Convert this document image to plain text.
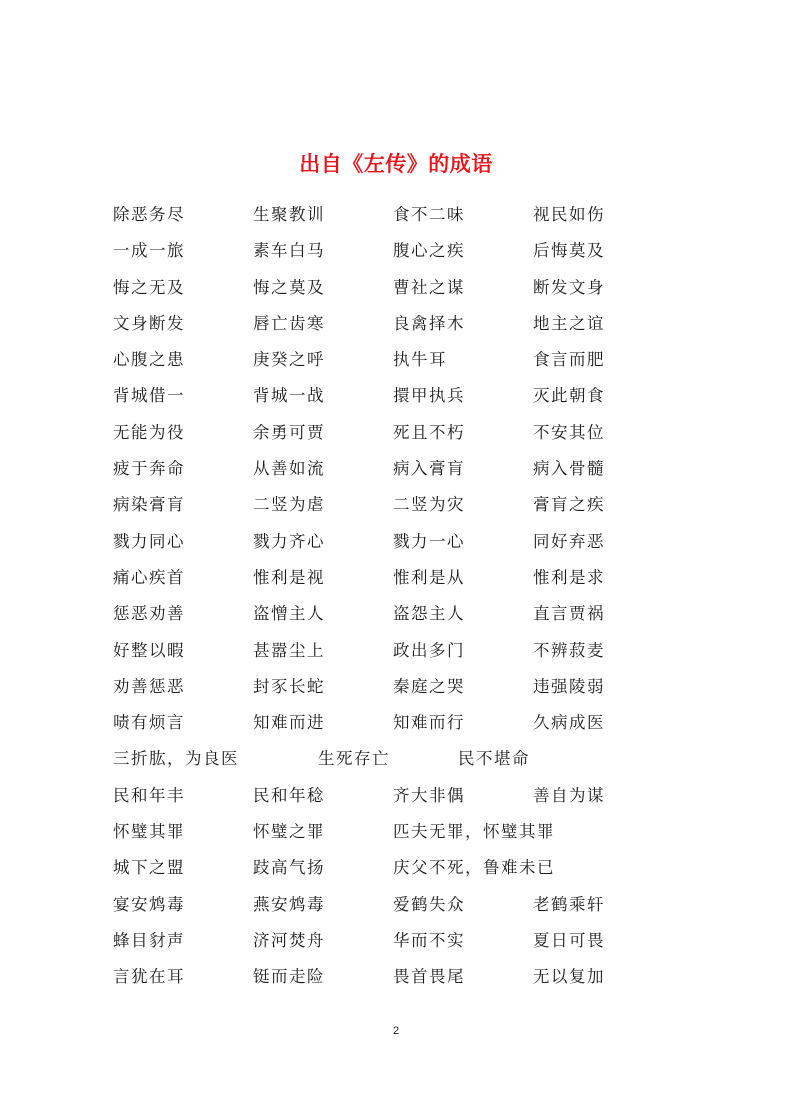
出自《左传》的成语
除恶务尽	生聚教训	食不二味	视民如伤
一成一旅	素车白马	腹心之疾	后悔莫及
悔之无及	悔之莫及	曹社之谋	断发文身
文身断发	唇亡齿寒	良禽择木	地主之谊
心腹之患	庚癸之呼	执牛耳	食言而肥
背城借一	背城一战	擐甲执兵	灭此朝食
无能为役	余勇可贾	死且不朽	不安其位
疲于奔命	从善如流	病入膏肓	病入骨髓
病染膏肓	二竖为虐	二竖为灾	膏肓之疾
戮力同心	戮力齐心	戮力一心	同好弃恶
痛心疾首	惟利是视	惟利是从	惟利是求
惩恶劝善	盗憎主人	盗怨主人	直言贾祸
好整以暇	甚嚣尘上	政出多门	不辨菽麦
劝善惩恶	封豕长蛇	秦庭之哭	违强陵弱
啧有烦言	知难而进	知难而行	久病成医
三折肱，为良医	生死存亡	民不堪命
民和年丰	民和年稔	齐大非偶	善自为谋
怀璧其罪	怀璧之罪	匹夫无罪，怀璧其罪
城下之盟	跂高气扬	庆父不死，鲁难未已
宴安鸩毒	燕安鸩毒	爱鹤失众	老鹤乘轩
蜂目豺声	济河焚舟	华而不实	夏日可畏
言犹在耳	铤而走险	畏首畏尾	无以复加
2
